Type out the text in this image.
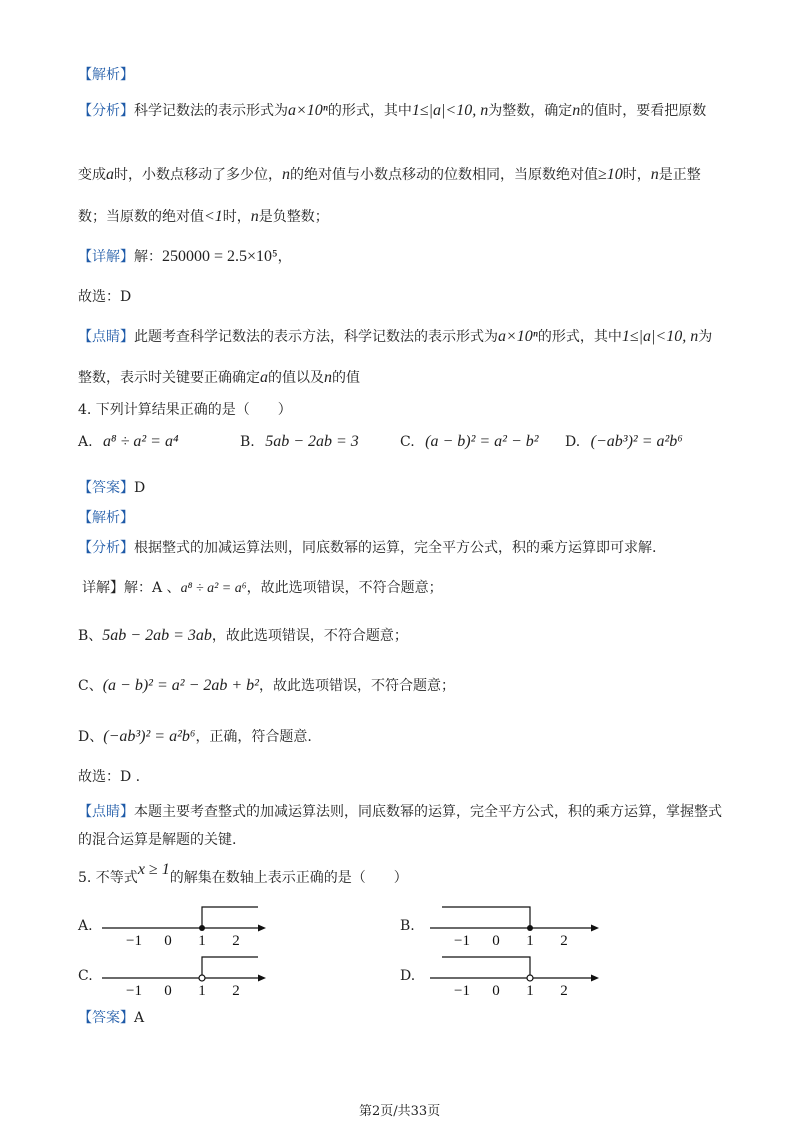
【解析】
【分析】科学记数法的表示形式为a×10ⁿ的形式，其中1≤|a|<10, n为整数，确定n的值时，要看把原数
变成a时，小数点移动了多少位，n的绝对值与小数点移动的位数相同，当原数绝对值≥10时，n是正整
数；当原数的绝对值<1时，n是负整数；
【详解】解：250000 = 2.5×10⁵，
故选：D
【点睛】此题考查科学记数法的表示方法，科学记数法的表示形式为a×10ⁿ的形式，其中1≤|a|<10, n为
整数，表示时关键要正确确定a的值以及n的值
4. 下列计算结果正确的是（　　）
A. a⁸ ÷ a² = a⁴	B. 5ab − 2ab = 3	C. (a − b)² = a² − b² D. (−ab³)² = a²b⁶
【答案】D
【解析】
【分析】根据整式的加减运算法则，同底数幂的运算，完全平方公式，积的乘方运算即可求解.
详解】解：A 、a⁸ ÷ a² = a⁶，故此选项错误，不符合题意；
B、5ab − 2ab = 3ab，故此选项错误，不符合题意；
C、(a − b)² = a² − 2ab + b²，故此选项错误，不符合题意；
D、(−ab³)² = a²b⁶，正确，符合题意.
故选：D .
【点睛】本题主要考查整式的加减运算法则，同底数幂的运算，完全平方公式，积的乘方运算，掌握整式
的混合运算是解题的关键.
5. 不等式x ≥ 1的解集在数轴上表示正确的是（　　）
A.	B.
C.	D.
−1 0 1 2	−1 0 1 2
−1 0 1 2	−1 0 1 2
【答案】A
第2页/共33页
